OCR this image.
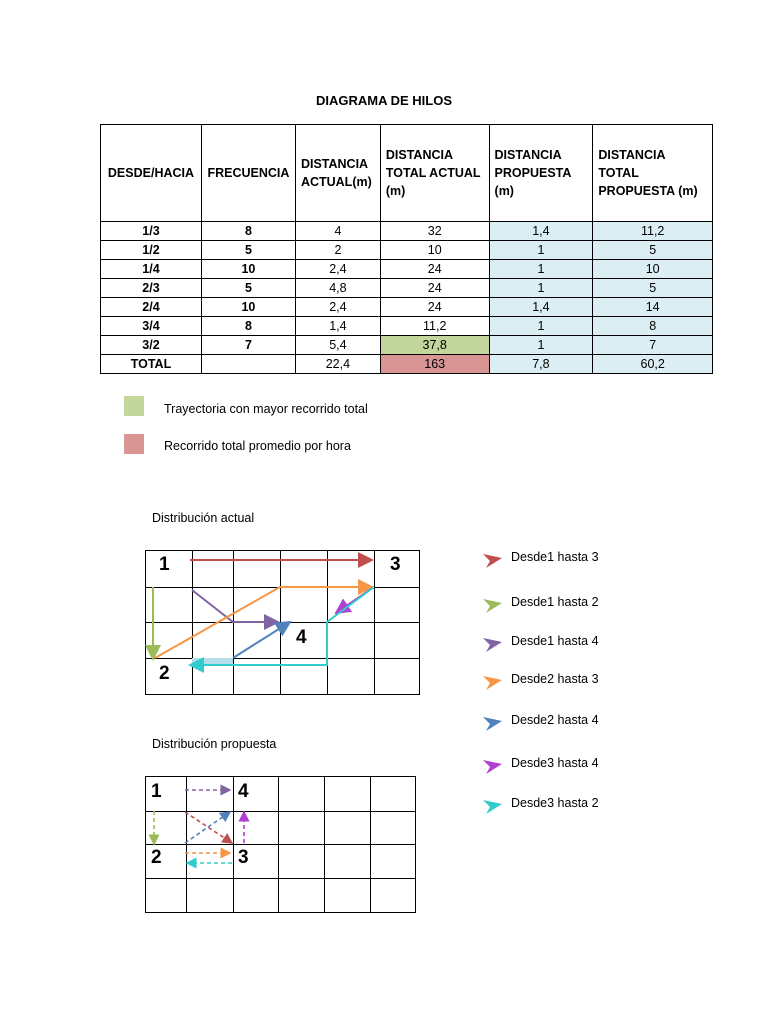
DIAGRAMA DE HILOS
DESDE/HACIA	FRECUENCIA	DISTANCIA ACTUAL(m)	DISTANCIA TOTAL ACTUAL (m)	DISTANCIA PROPUESTA (m)	DISTANCIA TOTAL PROPUESTA (m)
1/3	8	4	32	1,4	11,2
1/2	5	2	10	1	5
1/4	10	2,4	24	1	10
2/3	5	4,8	24	1	5
2/4	10	2,4	24	1,4	14
3/4	8	1,4	11,2	1	8
3/2	7	5,4	37,8	1	7
TOTAL		22,4	163	7,8	60,2
Trayectoria con mayor recorrido total
Recorrido total promedio por hora
Distribución actual
1	3
4
2
Distribución propuesta
1	4
2	3
Desde1 hasta 3
Desde1 hasta 2
Desde1 hasta 4
Desde2 hasta 3
Desde2 hasta 4
Desde3 hasta 4
Desde3 hasta 2
